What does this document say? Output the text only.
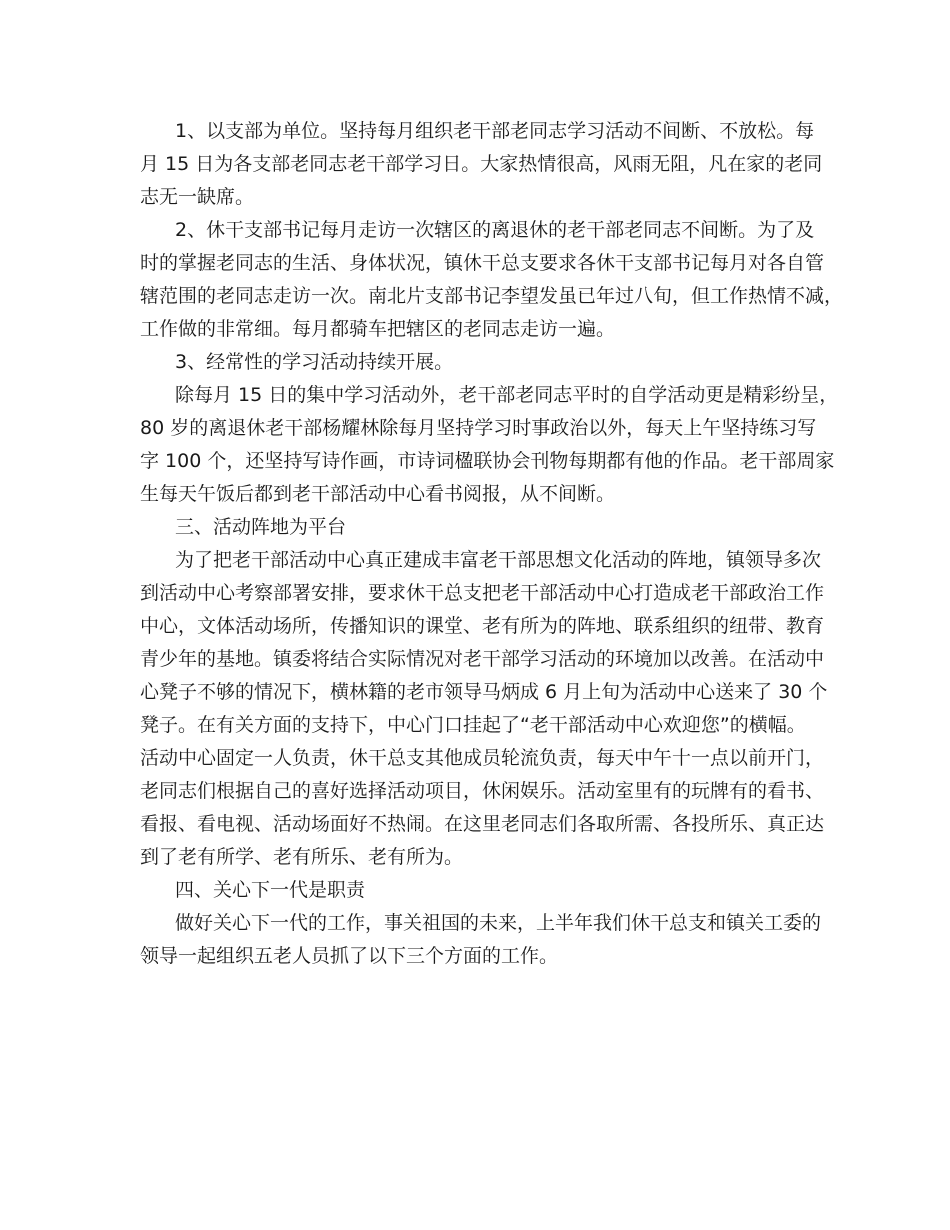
1、以支部为单位。坚持每月组织老干部老同志学习活动不间断、不放松。每
月 15 日为各支部老同志老干部学习日。大家热情很高，风雨无阻，凡在家的老同
志无一缺席。
2、休干支部书记每月走访一次辖区的离退休的老干部老同志不间断。为了及
时的掌握老同志的生活、身体状况，镇休干总支要求各休干支部书记每月对各自管
辖范围的老同志走访一次。南北片支部书记李望发虽已年过八旬，但工作热情不减，
工作做的非常细。每月都骑车把辖区的老同志走访一遍。
3、经常性的学习活动持续开展。
除每月 15 日的集中学习活动外，老干部老同志平时的自学活动更是精彩纷呈，
80 岁的离退休老干部杨耀林除每月坚持学习时事政治以外，每天上午坚持练习写
字 100 个，还坚持写诗作画，市诗词楹联协会刊物每期都有他的作品。老干部周家
生每天午饭后都到老干部活动中心看书阅报，从不间断。
三、活动阵地为平台
为了把老干部活动中心真正建成丰富老干部思想文化活动的阵地，镇领导多次
到活动中心考察部署安排，要求休干总支把老干部活动中心打造成老干部政治工作
中心，文体活动场所，传播知识的课堂、老有所为的阵地、联系组织的纽带、教育
青少年的基地。镇委将结合实际情况对老干部学习活动的环境加以改善。在活动中
心凳子不够的情况下，横林籍的老市领导马炳成 6 月上旬为活动中心送来了 30 个
凳子。在有关方面的支持下，中心门口挂起了“老干部活动中心欢迎您”的横幅。
活动中心固定一人负责，休干总支其他成员轮流负责，每天中午十一点以前开门，
老同志们根据自己的喜好选择活动项目，休闲娱乐。活动室里有的玩牌有的看书、
看报、看电视、活动场面好不热闹。在这里老同志们各取所需、各投所乐、真正达
到了老有所学、老有所乐、老有所为。
四、关心下一代是职责
做好关心下一代的工作，事关祖国的未来，上半年我们休干总支和镇关工委的
领导一起组织五老人员抓了以下三个方面的工作。
